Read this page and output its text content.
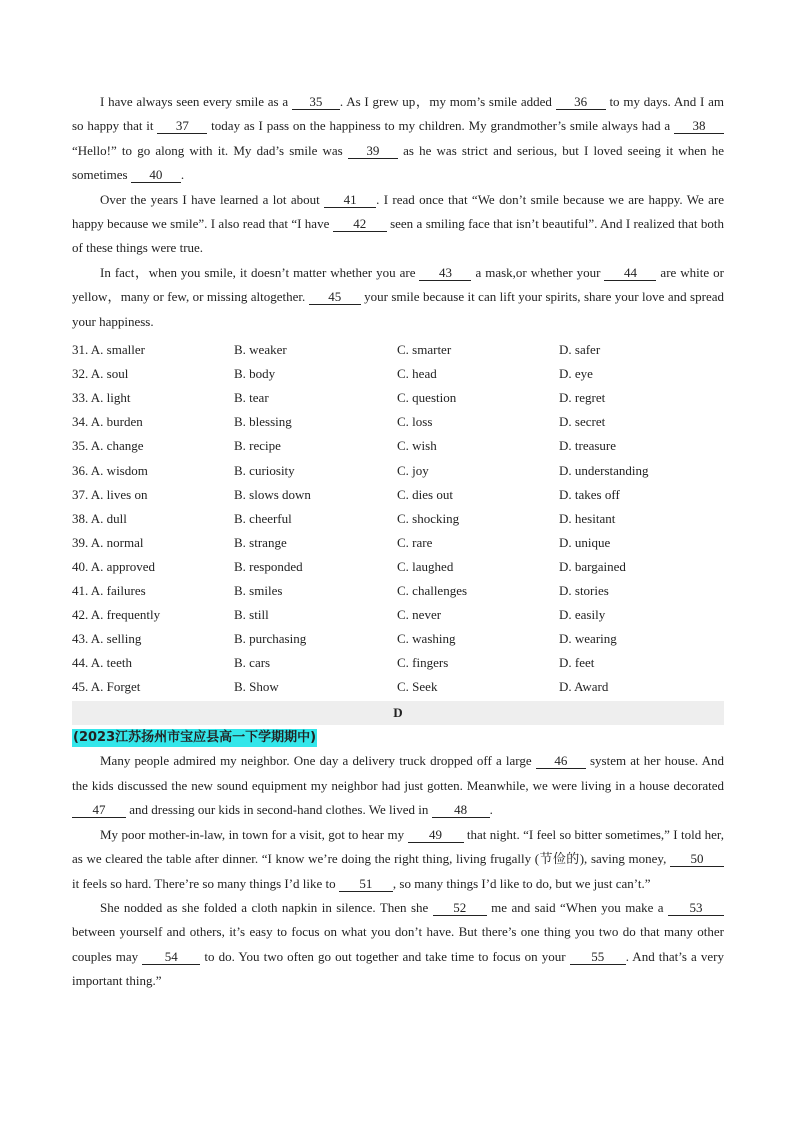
I have always seen every smile as a 35 . As I grew up，my mom’s smile added 36 to my days. And I am so happy that it 37 today as I pass on the happiness to my children. My grandmother’s smile always had a 38 “Hello!” to go along with it. My dad’s smile was 39 as he was strict and serious, but I loved seeing it when he sometimes 40 .

Over the years I have learned a lot about 41 . I read once that “We don’t smile because we are happy. We are happy because we smile”. I also read that “I have 42 seen a smiling face that isn’t beautiful”. And I realized that both of these things were true.

In fact，when you smile, it doesn’t matter whether you are 43 a mask,or whether your 44 are white or yellow，many or few, or missing altogether. 45 your smile because it can lift your spirits, share your love and spread your happiness.

31. A. smaller	B. weaker	C. smarter	D. safer
32. A. soul	B. body	C. head	D. eye
33. A. light	B. tear	C. question	D. regret
34. A. burden	B. blessing	C. loss	D. secret
35. A. change	B. recipe	C. wish	D. treasure
36. A. wisdom	B. curiosity	C. joy	D. understanding
37. A. lives on	B. slows down	C. dies out	D. takes off
38. A. dull	B. cheerful	C. shocking	D. hesitant
39. A. normal	B. strange	C. rare	D. unique
40. A. approved	B. responded	C. laughed	D. bargained
41. A. failures	B. smiles	C. challenges	D. stories
42. A. frequently	B. still	C. never	D. easily
43. A. selling	B. purchasing	C. washing	D. wearing
44. A. teeth	B. cars	C. fingers	D. feet
45. A. Forget	B. Show	C. Seek	D. Award
D
(2023江苏扬州市宝应县高一下学期期中)

Many people admired my neighbor. One day a delivery truck dropped off a large 46 system at her house. And the kids discussed the new sound equipment my neighbor had just gotten. Meanwhile, we were living in a house decorated 47 and dressing our kids in second-hand clothes. We lived in 48 .

My poor mother-in-law, in town for a visit, got to hear my 49 that night. “I feel so bitter sometimes,” I told her, as we cleared the table after dinner. “I know we’re doing the right thing, living frugally (节俭的), saving money, 50 it feels so hard. There’re so many things I’d like to 51 , so many things I’d like to do, but we just can’t.”

She nodded as she folded a cloth napkin in silence. Then she 52 me and said “When you make a 53 between yourself and others, it’s easy to focus on what you don’t have. But there’s one thing you two do that many other couples may 54 to do. You two often go out together and take time to focus on your 55 . And that’s a very important thing.”
